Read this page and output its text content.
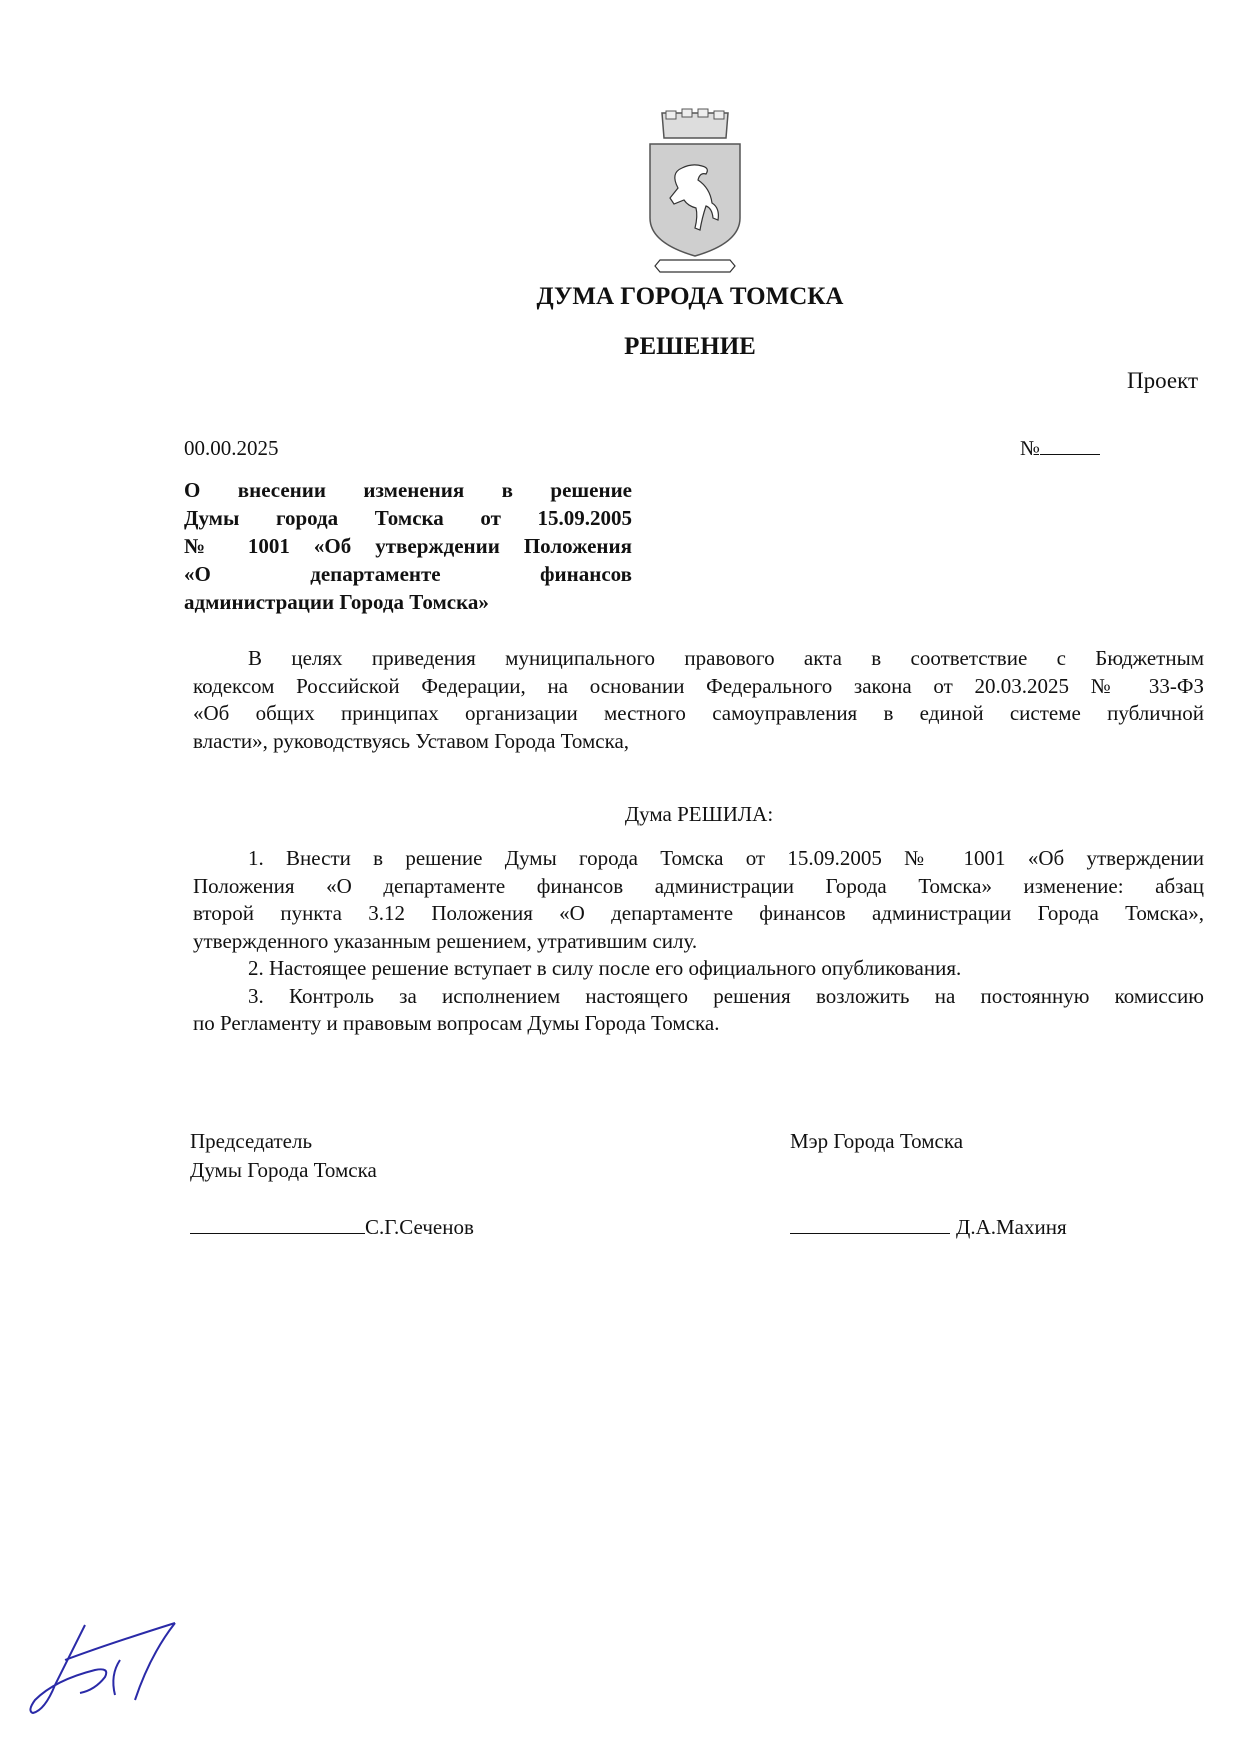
ДУМА ГОРОДА ТОМСКА
РЕШЕНИЕ
Проект
00.00.2025	№
О внесении изменения в решение
Думы города Томска от 15.09.2005
№ 1001 «Об утверждении Положения
«О департаменте финансов
администрации Города Томска»
В целях приведения муниципального правового акта в соответствие с Бюджетным
кодексом Российской Федерации, на основании Федерального закона от 20.03.2025 № 33-ФЗ
«Об общих принципах организации местного самоуправления в единой системе публичной
власти», руководствуясь Уставом Города Томска,
Дума РЕШИЛА:
1. Внести в решение Думы города Томска от 15.09.2005 № 1001 «Об утверждении
Положения «О департаменте финансов администрации Города Томска» изменение: абзац
второй пункта 3.12 Положения «О департаменте финансов администрации Города Томска»,
утвержденного указанным решением, утратившим силу.
2. Настоящее решение вступает в силу после его официального опубликования.
3. Контроль за исполнением настоящего решения возложить на постоянную комиссию
по Регламенту и правовым вопросам Думы Города Томска.
Председатель
Думы Города Томска
Мэр Города Томска
С.Г.Сеченов	Д.А.Махиня
